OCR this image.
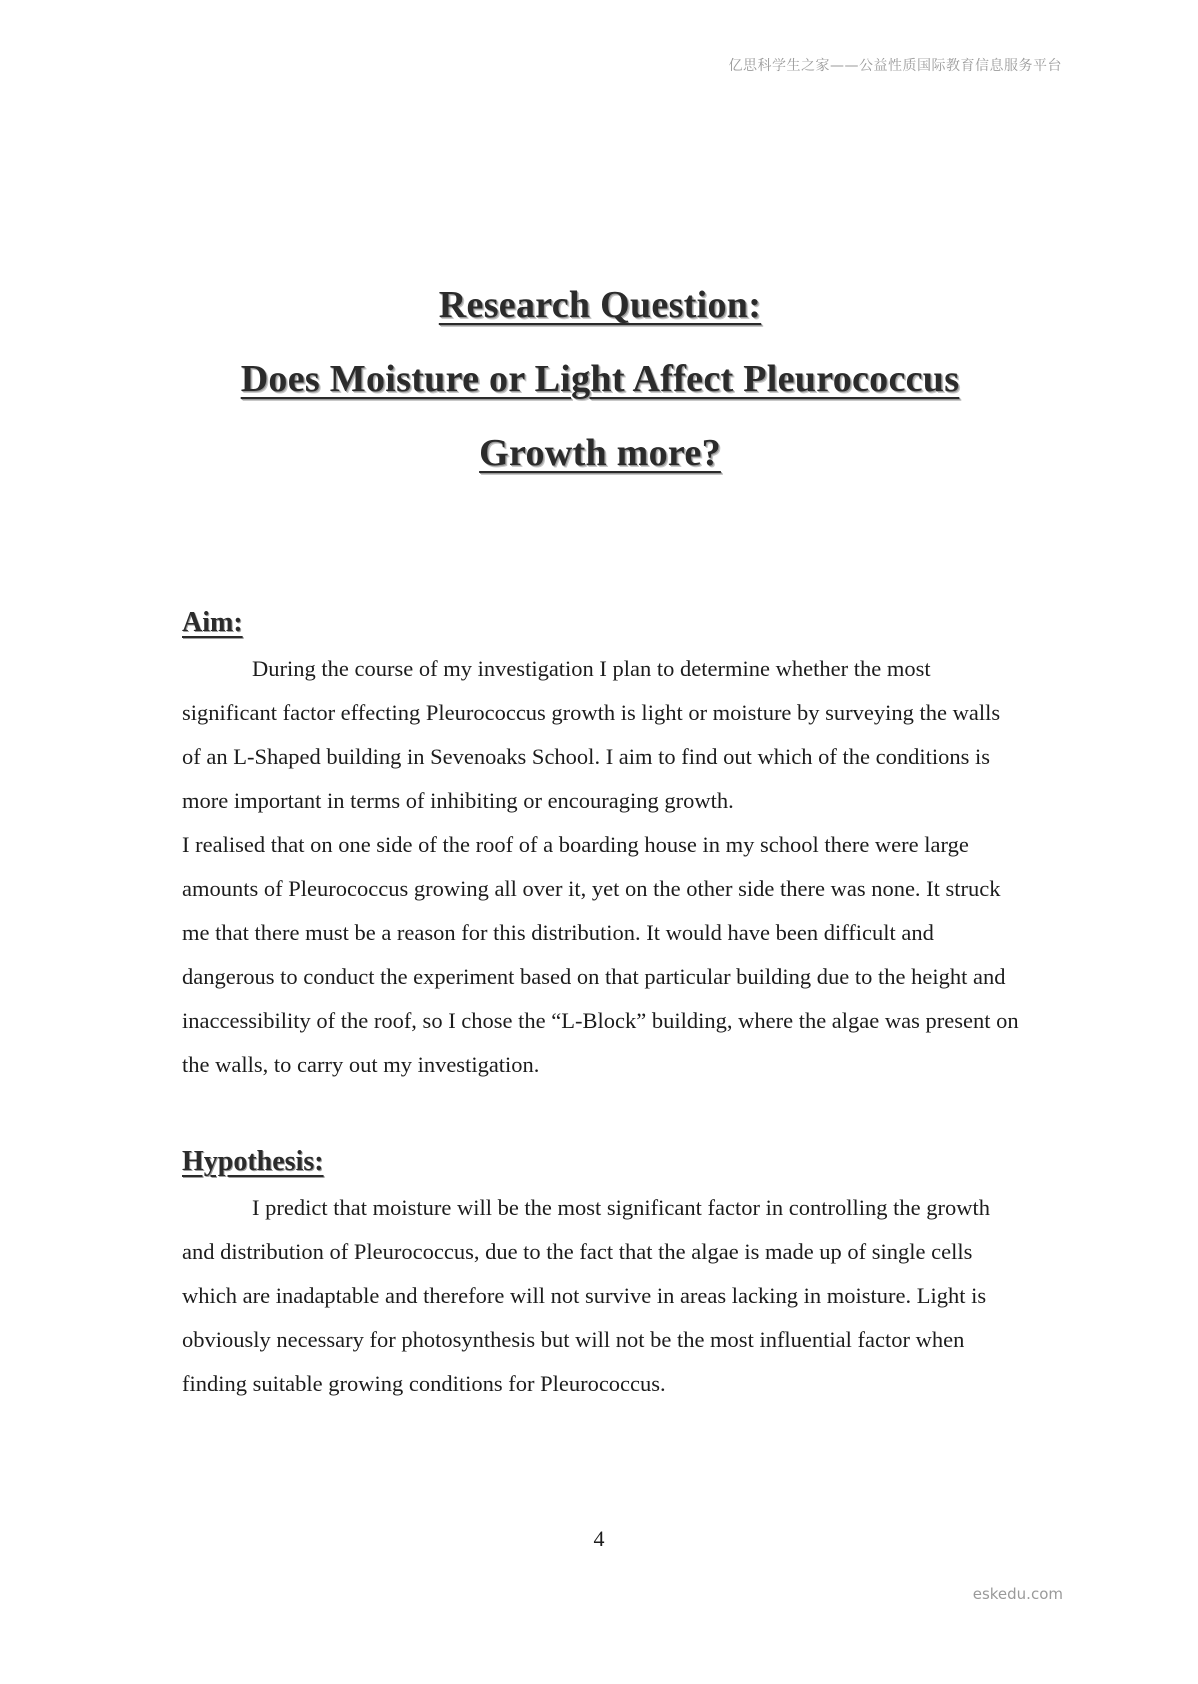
亿思科学生之家——公益性质国际教育信息服务平台
Research Question:
Does Moisture or Light Affect Pleurococcus
Growth more?
Aim:

During the course of my investigation I plan to determine whether the most significant factor effecting Pleurococcus growth is light or moisture by surveying the walls of an L-Shaped building in Sevenoaks School. I aim to find out which of the conditions is more important in terms of inhibiting or encouraging growth.

I realised that on one side of the roof of a boarding house in my school there were large amounts of Pleurococcus growing all over it, yet on the other side there was none. It struck me that there must be a reason for this distribution. It would have been difficult and dangerous to conduct the experiment based on that particular building due to the height and inaccessibility of the roof, so I chose the “L-Block” building, where the algae was present on the walls, to carry out my investigation.

Hypothesis:

I predict that moisture will be the most significant factor in controlling the growth and distribution of Pleurococcus, due to the fact that the algae is made up of single cells which are inadaptable and therefore will not survive in areas lacking in moisture. Light is obviously necessary for photosynthesis but will not be the most influential factor when finding suitable growing conditions for Pleurococcus.

4
eskedu.com
